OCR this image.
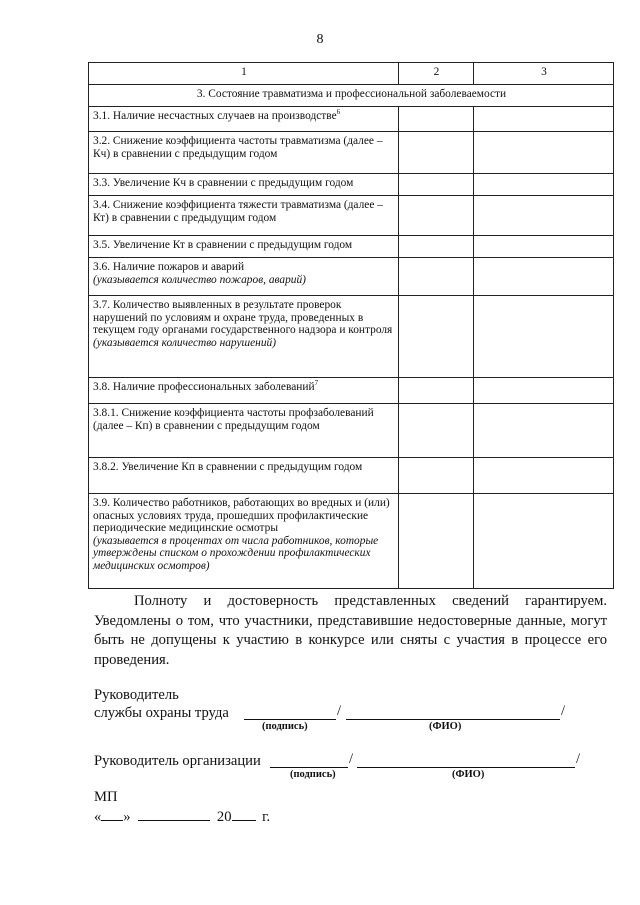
8
1	2	3
3. Состояние травматизма и профессиональной заболеваемости		
3.1. Наличие несчастных случаев на производстве$^6$		
3.2. Снижение коэффициента частоты травматизма (далее – Кч) в сравнении с предыдущим годом		
3.3. Увеличение Кч в сравнении с предыдущим годом		
3.4. Снижение коэффициента тяжести травматизма (далее – Кт) в сравнении с предыдущим годом		
3.5. Увеличение Кт в сравнении с предыдущим годом		
3.6. Наличие пожаров и аварий
(указывается количество пожаров, аварий)		

3.7. Количество выявленных в результате проверок нарушений по условиям и охране труда, проведенных в текущем году органами государственного надзора и контроля
(указывается количество нарушений)		

3.8. Наличие профессиональных заболеваний$^7$		
3.8.1. Снижение коэффициента частоты профзаболеваний (далее – Кп) в сравнении с предыдущим годом		
3.8.2. Увеличение Кп в сравнении с предыдущим годом		
3.9. Количество работников, работающих во вредных и (или) опасных условиях труда, прошедших профилактические периодические медицинские осмотры
(указывается в процентах от числа работников, которые утверждены списком о прохождении профилактических медицинских осмотров)		

Полноту и достоверность представленных сведений гарантируем. Уведомлены о том, что участники, представившие недостоверные данные, могут быть не допущены к участию в конкурсе или сняты с участия в процессе его проведения.
Руководитель
службы охраны труда	/	/
(подпись)	(ФИО)
Руководитель организации	/	/
(подпись)	(ФИО)
МП
« »	20 г.
